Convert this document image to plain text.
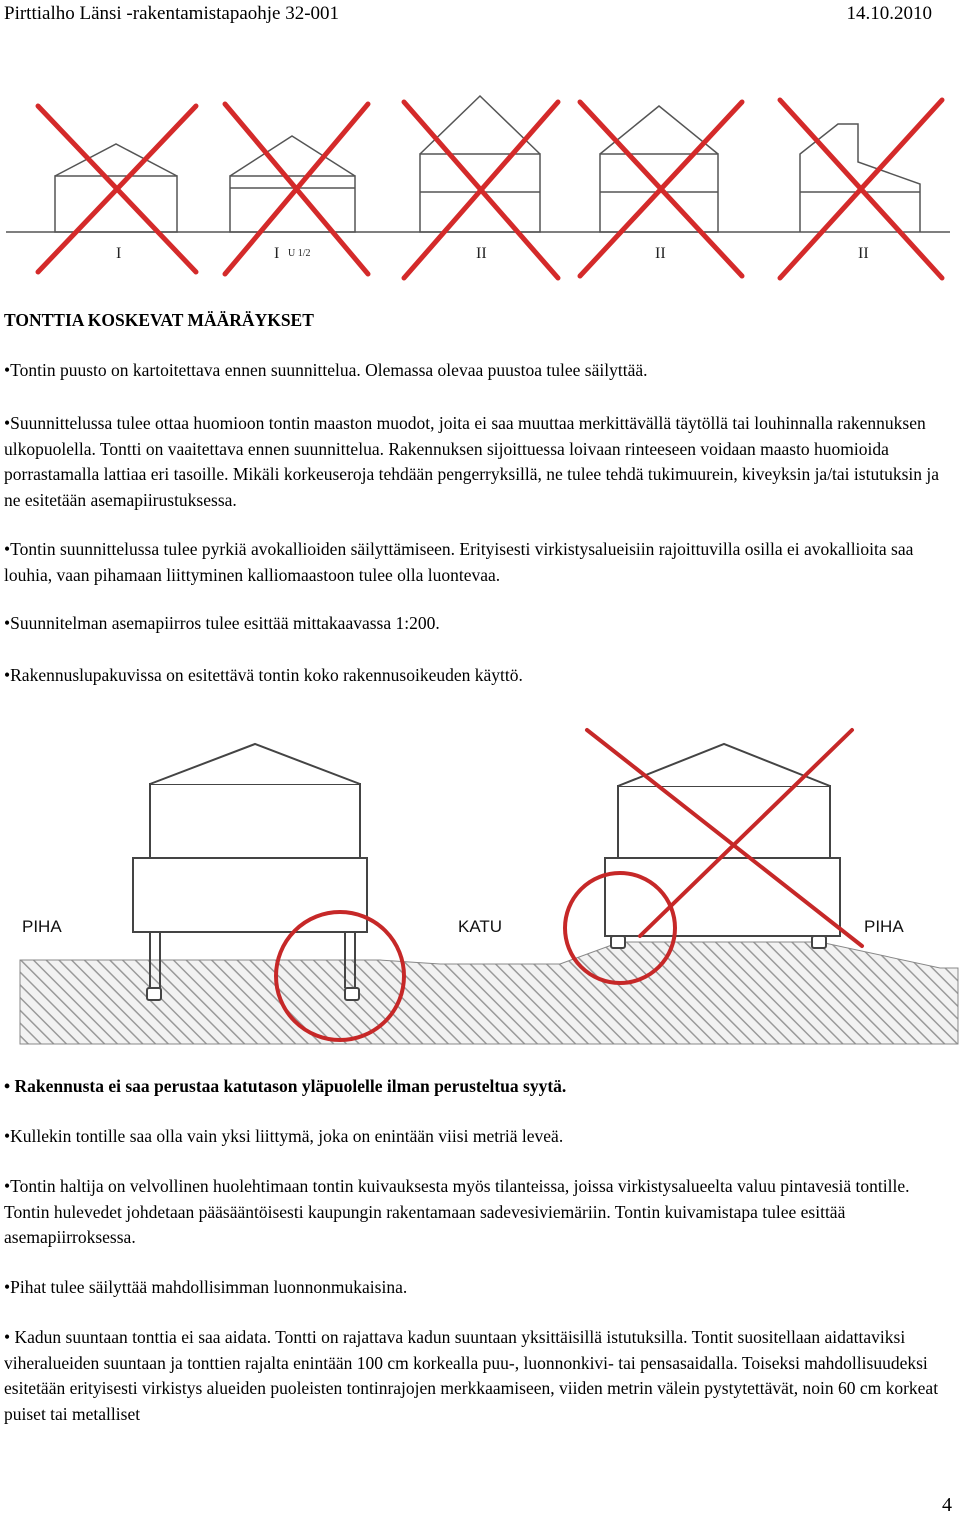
Pirttialho Länsi -rakentamistapaohje 32-001	14.10.2010
I	I U 1/2	II	II	II
TONTTIA KOSKEVAT MÄÄRÄYKSET
•Tontin puusto on kartoitettava ennen suunnittelua. Olemassa olevaa puustoa tulee säilyttää.
•Suunnittelussa tulee ottaa huomioon tontin maaston muodot, joita ei saa muuttaa merkittävällä täytöllä tai louhinnalla rakennuksen ulkopuolella. Tontti on vaaitettava ennen suunnittelua. Rakennuksen sijoittuessa loivaan rinteeseen voidaan maasto huomioida porrastamalla lattiaa eri tasoille. Mikäli korkeuseroja tehdään pengerryksillä, ne tulee tehdä tukimuurein, kiveyksin ja/tai istutuksin ja ne esitetään asemapiirustuksessa.
•Tontin suunnittelussa tulee pyrkiä avokallioiden säilyttämiseen. Erityisesti virkistysalueisiin rajoittuvilla osilla ei avokallioita saa louhia, vaan pihamaan liittyminen kalliomaastoon tulee olla luontevaa.
•Suunnitelman asemapiirros tulee esittää mittakaavassa 1:200.
•Rakennuslupakuvissa on esitettävä tontin koko rakennusoikeuden käyttö.
PIHA	KATU	PIHA
• Rakennusta ei saa perustaa katutason yläpuolelle ilman perusteltua syytä.
•Kullekin tontille saa olla vain yksi liittymä, joka on enintään viisi metriä leveä.
•Tontin haltija on velvollinen huolehtimaan tontin kuivauksesta myös tilanteissa, joissa virkistysalueelta valuu pintavesiä tontille. Tontin hulevedet johdetaan pääsääntöisesti kaupungin rakentamaan sadevesiviemäriin. Tontin kuivamistapa tulee esittää asemapiirroksessa.
•Pihat tulee säilyttää mahdollisimman luonnonmukaisina.
• Kadun suuntaan tonttia ei saa aidata. Tontti on rajattava kadun suuntaan yksittäisillä istutuksilla. Tontit suositellaan aidattaviksi viheralueiden suuntaan ja tonttien rajalta enintään 100 cm korkealla puu-, luonnonkivi- tai pensasaidalla. Toiseksi mahdollisuudeksi esitetään erityisesti virkistys alueiden puoleisten tontinrajojen merkkaamiseen, viiden metrin välein pystytettävät, noin 60 cm korkeat puiset tai metalliset
4
